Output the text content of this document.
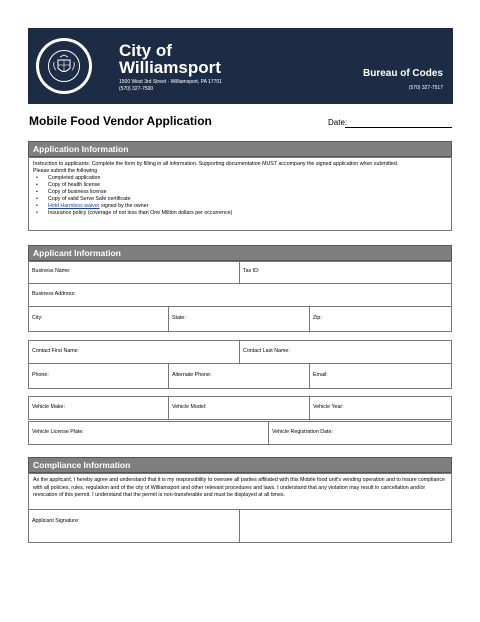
City of
Williamsport
1500 West 3rd Street · Williamsport, PA 17701
(570) 327-7500
Bureau of Codes
(570) 327-7517
Mobile Food Vendor Application	Date:
Application Information
Instruction to applicants: Complete the form by filling in all information. Supporting documentation MUST accompany the signed application when submitted.
Please submit the following
• Completed application
• Copy of health license
• Copy of business license
• Copy of valid Serve Safe certificate
• Hold Harmless waiver signed by the owner
• Insurance policy (coverage of not less than One Million dollars per occurrence)
Applicant Information
Business Name:	Tax ID:
Business Address:
City:	State:	Zip:
Contact First Name:	Contact Last Name:
Phone:	Alternate Phone:	Email:
Vehicle Make:	Vehicle Model:	Vehicle Year:
Vehicle License Plate:	Vehicle Registration Date:
Compliance Information
As the applicant, I hereby agree and understand that it is my responsibility to oversee all parties affiliated with this Mobile food unit's vending operation and to insure compliance with all policies, rules, regulation and of the city of Williamsport and other relevant procedures and laws. I understand that any violation may result in cancellation and/or revocation of this permit. I understand that the permit is non-transferable and must be displayed at all times.
Applicant Signature:
